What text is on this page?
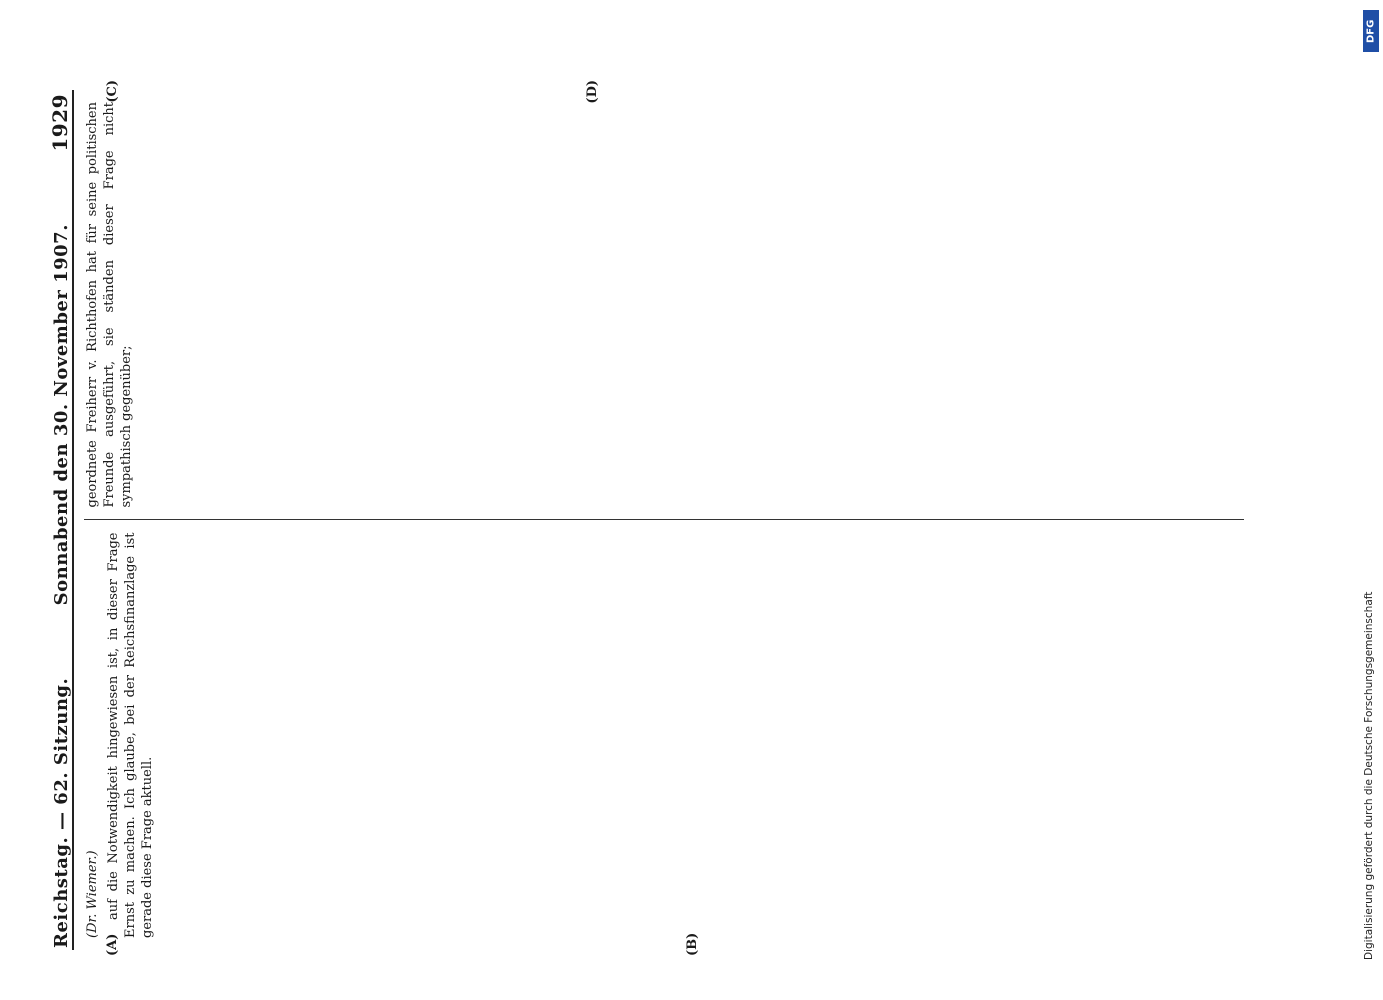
Reichstag. — 62. Sitzung.
Sonnabend den 30. November 1907.
1929
(A)	(B)

(Dr. Wiemer.) auf die Notwendigkeit hingewiesen ist, in dieser Frage Ernst zu machen. Ich glaube, bei der Reichsfinanzlage ist gerade diese Frage aktuell.

(C)	(D)

geordnete Freiherr v. Richthofen hat für seine politischen Freunde ausgeführt, sie ständen dieser Frage nicht sympathisch gegenüber;

DFG
Digitalisierung gefördert durch die Deutsche Forschungsgemeinschaft
